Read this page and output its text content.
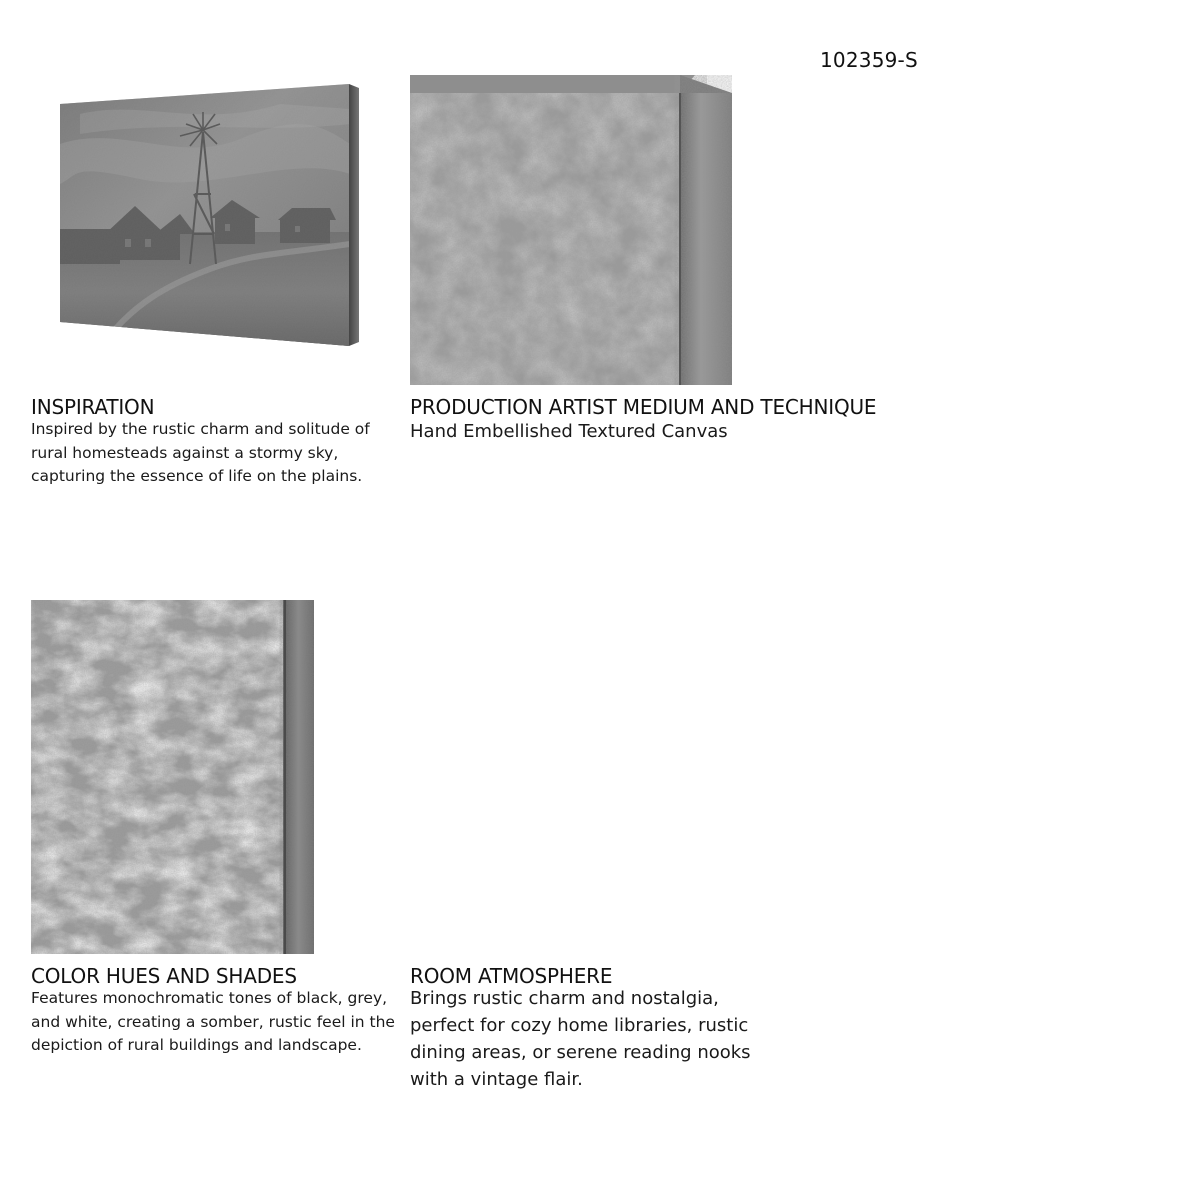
102359-S
INSPIRATION
Inspired by the rustic charm and solitude of
rural homesteads against a stormy sky,
capturing the essence of life on the plains.
PRODUCTION ARTIST MEDIUM AND TECHNIQUE
Hand Embellished Textured Canvas
COLOR HUES AND SHADES
Features monochromatic tones of black, grey,
and white, creating a somber, rustic feel in the
depiction of rural buildings and landscape.
ROOM ATMOSPHERE
Brings rustic charm and nostalgia,
perfect for cozy home libraries, rustic
dining areas, or serene reading nooks
with a vintage flair.
